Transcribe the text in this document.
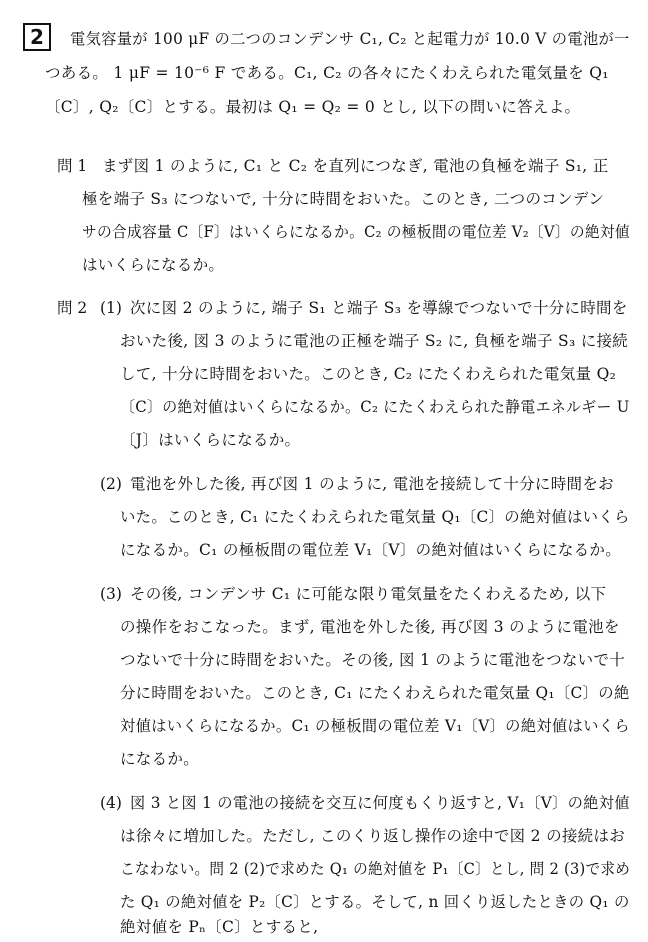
2 電気容量が 100 μF の二つのコンデンサ C₁, C₂ と起電力が 10.0 V の電池が一
つある。 1 μF = 10⁻⁶ F である。C₁, C₂ の各々にたくわえられた電気量を Q₁
〔C〕, Q₂〔C〕とする。最初は Q₁ = Q₂ = 0 とし, 以下の問いに答えよ。
問 1 まず図 1 のように, C₁ と C₂ を直列につなぎ, 電池の負極を端子 S₁, 正
極を端子 S₃ につないで, 十分に時間をおいた。このとき, 二つのコンデン
サの合成容量 C〔F〕はいくらになるか。C₂ の極板間の電位差 V₂〔V〕の絶対値
はいくらになるか。
問 2 (1) 次に図 2 のように, 端子 S₁ と端子 S₃ を導線でつないで十分に時間を
おいた後, 図 3 のように電池の正極を端子 S₂ に, 負極を端子 S₃ に接続
して, 十分に時間をおいた。このとき, C₂ にたくわえられた電気量 Q₂
〔C〕の絶対値はいくらになるか。C₂ にたくわえられた静電エネルギー U
〔J〕はいくらになるか。
(2) 電池を外した後, 再び図 1 のように, 電池を接続して十分に時間をお
いた。このとき, C₁ にたくわえられた電気量 Q₁〔C〕の絶対値はいくら
になるか。C₁ の極板間の電位差 V₁〔V〕の絶対値はいくらになるか。
(3) その後, コンデンサ C₁ に可能な限り電気量をたくわえるため, 以下
の操作をおこなった。まず, 電池を外した後, 再び図 3 のように電池を
つないで十分に時間をおいた。その後, 図 1 のように電池をつないで十
分に時間をおいた。このとき, C₁ にたくわえられた電気量 Q₁〔C〕の絶
対値はいくらになるか。C₁ の極板間の電位差 V₁〔V〕の絶対値はいくら
になるか。
(4) 図 3 と図 1 の電池の接続を交互に何度もくり返すと, V₁〔V〕の絶対値
は徐々に増加した。ただし, このくり返し操作の途中で図 2 の接続はお
こなわない。問 2 (2)で求めた Q₁ の絶対値を P₁〔C〕とし, 問 2 (3)で求め
た Q₁ の絶対値を P₂〔C〕とする。そして, n 回くり返したときの Q₁ の
絶対値を Pₙ〔C〕とすると,
